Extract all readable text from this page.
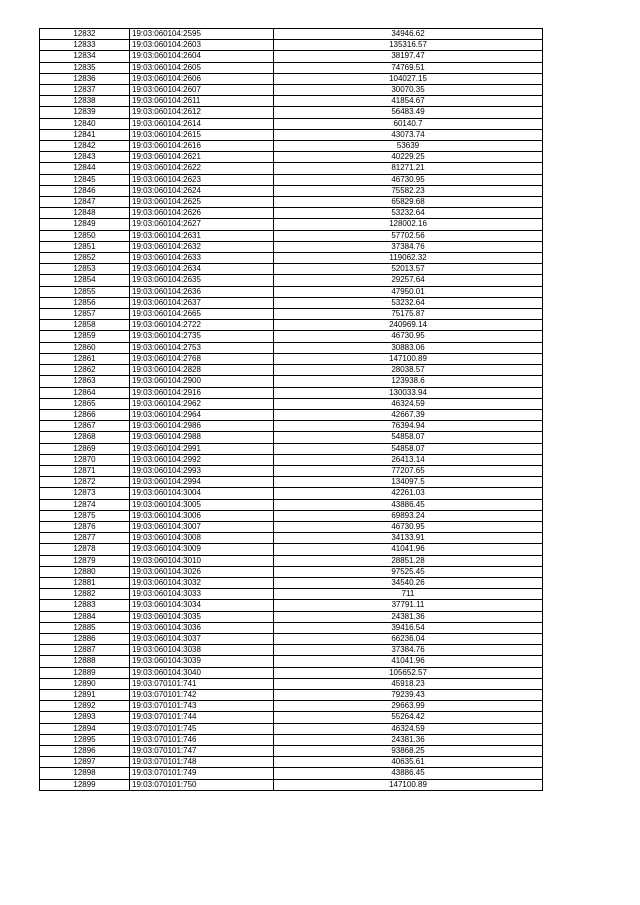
12832	19:03:060104:2595	34946.62
12833	19:03:060104:2603	135316.57
12834	19:03:060104:2604	38197.47
12835	19:03:060104:2605	74769.51
12836	19:03:060104:2606	104027.15
12837	19:03:060104:2607	30070.35
12838	19:03:060104:2611	41854.67
12839	19:03:060104:2612	56483.49
12840	19:03:060104:2614	60140.7
12841	19:03:060104:2615	43073.74
12842	19:03:060104:2616	53639
12843	19:03:060104:2621	40229.25
12844	19:03:060104:2622	81271.21
12845	19:03:060104:2623	46730.95
12846	19:03:060104:2624	75582.23
12847	19:03:060104:2625	65829.68
12848	19:03:060104:2626	53232.64
12849	19:03:060104:2627	128002.16
12850	19:03:060104:2631	57702.56
12851	19:03:060104:2632	37384.76
12852	19:03:060104:2633	119062.32
12853	19:03:060104:2634	52013.57
12854	19:03:060104:2635	29257.64
12855	19:03:060104:2636	47950.01
12856	19:03:060104:2637	53232.64
12857	19:03:060104:2665	75175.87
12858	19:03:060104:2722	240969.14
12859	19:03:060104:2735	46730.95
12860	19:03:060104:2753	30883.06
12861	19:03:060104:2768	147100.89
12862	19:03:060104:2828	28038.57
12863	19:03:060104:2900	123938.6
12864	19:03:060104:2916	130033.94
12865	19:03:060104:2962	46324.59
12866	19:03:060104:2964	42667.39
12867	19:03:060104:2986	76394.94
12868	19:03:060104:2988	54858.07
12869	19:03:060104:2991	54858.07
12870	19:03:060104:2992	26413.14
12871	19:03:060104:2993	77207.65
12872	19:03:060104:2994	134097.5
12873	19:03:060104:3004	42261.03
12874	19:03:060104:3005	43886.45
12875	19:03:060104:3006	69893.24
12876	19:03:060104:3007	46730.95
12877	19:03:060104:3008	34133.91
12878	19:03:060104:3009	41041.96
12879	19:03:060104:3010	28851.28
12880	19:03:060104:3026	97525.45
12881	19:03:060104:3032	34540.26
12882	19:03:060104:3033	711
12883	19:03:060104:3034	37791.11
12884	19:03:060104:3035	24381.36
12885	19:03:060104:3036	39416.54
12886	19:03:060104:3037	66236.04
12887	19:03:060104:3038	37384.76
12888	19:03:060104:3039	41041.96
12889	19:03:060104:3040	105652.57
12890	19:03:070101:741	45918.23
12891	19:03:070101:742	79239.43
12892	19:03:070101:743	29663.99
12893	19:03:070101:744	55264.42
12894	19:03:070101:745	46324.59
12895	19:03:070101:746	24381.36
12896	19:03:070101:747	93868.25
12897	19:03:070101:748	40635.61
12898	19:03:070101:749	43886.45
12899	19:03:070101:750	147100.89
